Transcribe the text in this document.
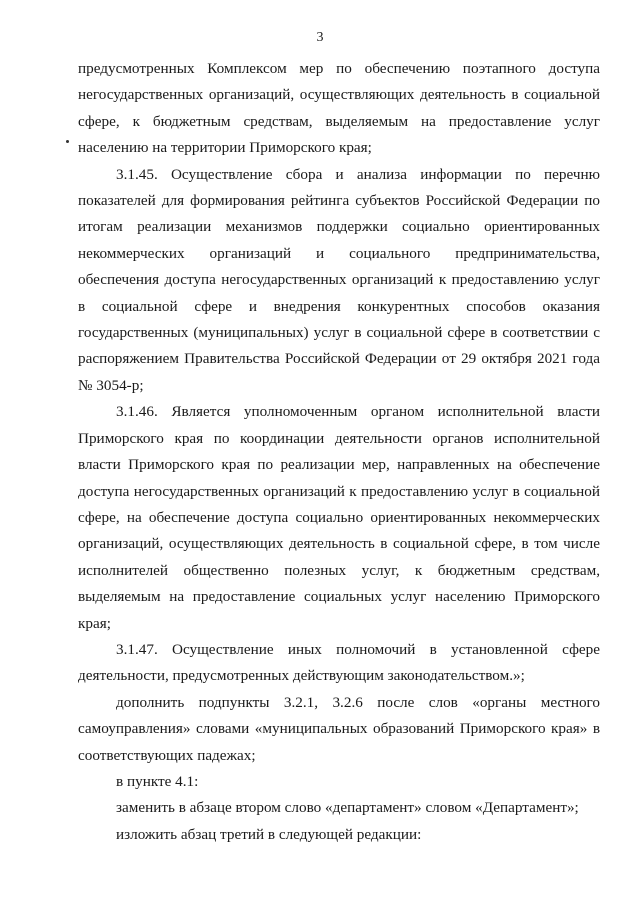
3

предусмотренных Комплексом мер по обеспечению поэтапного доступа негосударственных организаций, осуществляющих деятельность в социальной сфере, к бюджетным средствам, выделяемым на предоставление услуг населению на территории Приморского края;

3.1.45. Осуществление сбора и анализа информации по перечню показателей для формирования рейтинга субъектов Российской Федерации по итогам реализации механизмов поддержки социально ориентированных некоммерческих организаций и социального предпринимательства, обеспечения доступа негосударственных организаций к предоставлению услуг в социальной сфере и внедрения конкурентных способов оказания государственных (муниципальных) услуг в социальной сфере в соответствии с распоряжением Правительства Российской Федерации от 29 октября 2021 года № 3054-р;

3.1.46. Является уполномоченным органом исполнительной власти Приморского края по координации деятельности органов исполнительной власти Приморского края по реализации мер, направленных на обеспечение доступа негосударственных организаций к предоставлению услуг в социальной сфере, на обеспечение доступа социально ориентированных некоммерческих организаций, осуществляющих деятельность в социальной сфере, в том числе исполнителей общественно полезных услуг, к бюджетным средствам, выделяемым на предоставление социальных услуг населению Приморского края;

3.1.47. Осуществление иных полномочий в установленной сфере деятельности, предусмотренных действующим законодательством.»;

дополнить подпункты 3.2.1, 3.2.6 после слов «органы местного самоуправления» словами «муниципальных образований Приморского края» в соответствующих падежах;

в пункте 4.1:

заменить в абзаце втором слово «департамент» словом «Департамент»;

изложить абзац третий в следующей редакции:
